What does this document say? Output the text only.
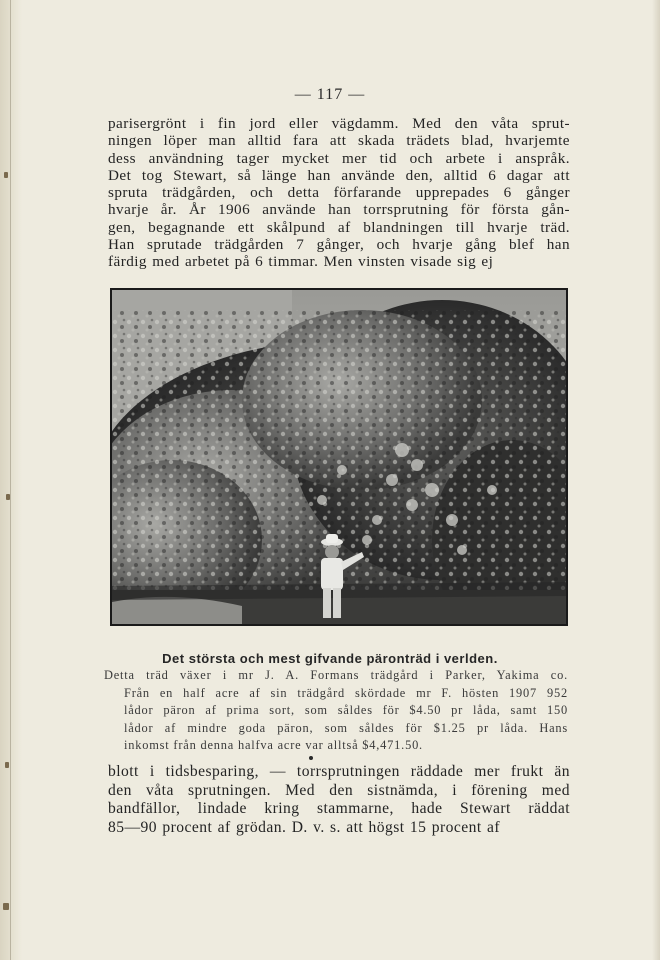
— 117 —
parisergrönt i fin jord eller vägdamm. Med den våta sprut-
ningen löper man alltid fara att skada trädets blad, hvarjemte
dess användning tager mycket mer tid och arbete i anspråk.
Det tog Stewart, så länge han använde den, alltid 6 dagar att
spruta trädgården, och detta förfarande upprepades 6 gånger
hvarje år. År 1906 använde han torrsprutning för första gån-
gen, begagnande ett skålpund af blandningen till hvarje träd.
Han sprutade trädgården 7 gånger, och hvarje gång blef han
färdig med arbetet på 6 timmar. Men vinsten visade sig ej
Det största och mest gifvande päronträd i verlden.
Detta träd växer i mr J. A. Formans trädgård i Parker, Yakima co.
Från en half acre af sin trädgård skördade mr F. hösten 1907 952
lådor päron af prima sort, som såldes för $4.50 pr låda, samt 150
lådor af mindre goda päron, som såldes för $1.25 pr låda. Hans
inkomst från denna halfva acre var alltså $4,471.50.
blott i tidsbesparing, — torrsprutningen räddade mer frukt än
den våta sprutningen. Med den sistnämda, i förening med
bandfällor, lindade kring stammarne, hade Stewart räddat
85—90 procent af grödan. D. v. s. att högst 15 procent af
